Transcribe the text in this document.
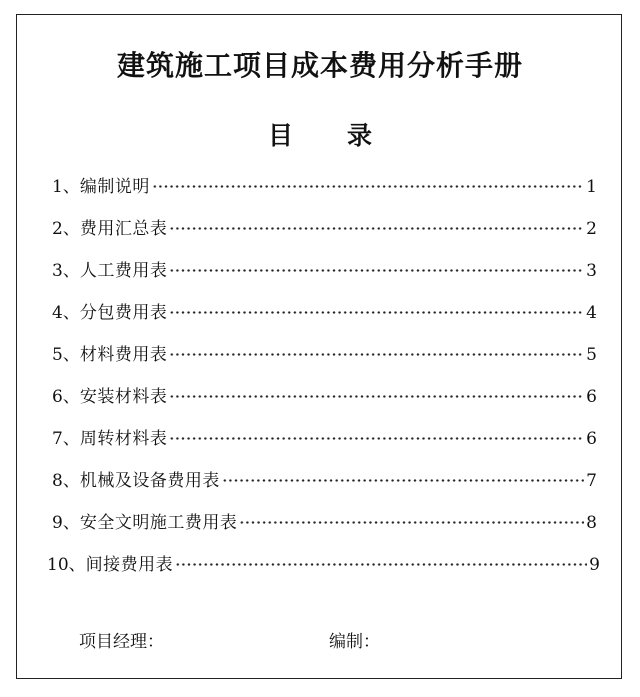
建筑施工项目成本费用分析手册
目 录
1、 编制说明	1
2、 费用汇总表	2
3、 人工费用表	3
4、 分包费用表	4
5、 材料费用表	5
6、 安装材料表	6
7、 周转材料表	6
8、 机械及设备费用表	7
9、 安全文明施工费用表	8
10、 间接费用表	9
项目经理：	编制：
